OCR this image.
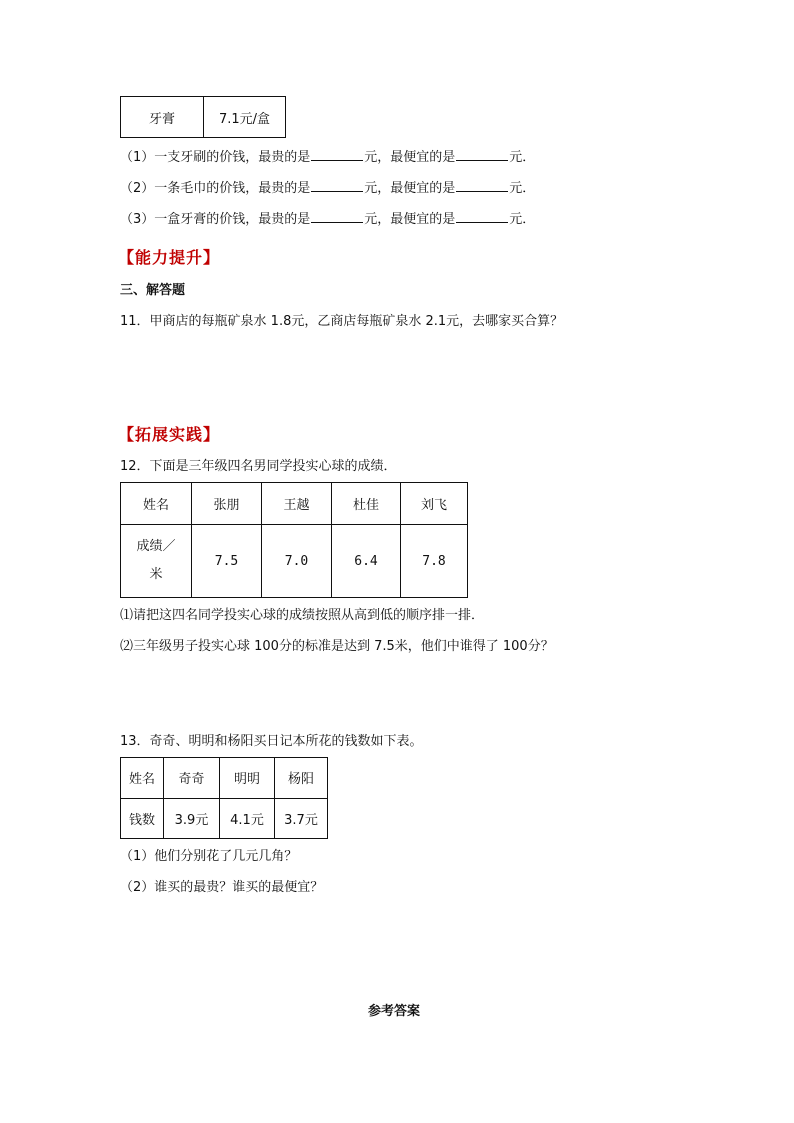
牙膏	7.1元/盒
（1）一支牙刷的价钱，最贵的是	元，最便宜的是	元．
（2）一条毛巾的价钱，最贵的是	元，最便宜的是	元．
（3）一盒牙膏的价钱，最贵的是	元，最便宜的是	元．
【能力提升】
三、解答题
11．甲商店的每瓶矿泉水 1.8元，乙商店每瓶矿泉水 2.1元，去哪家买合算？
【拓展实践】
12．下面是三年级四名男同学投实心球的成绩．
姓名	张朋	王越	杜佳	刘飞

成绩／
米	7.5	7.0	6.4	7.8
⑴请把这四名同学投实心球的成绩按照从高到低的顺序排一排．
⑵三年级男子投实心球 100分的标准是达到 7.5米，他们中谁得了 100分？
13．奇奇、明明和杨阳买日记本所花的钱数如下表。
姓名	奇奇	明明	杨阳
钱数	3.9元	4.1元	3.7元
（1）他们分别花了几元几角？
（2）谁买的最贵？谁买的最便宜？
参考答案
